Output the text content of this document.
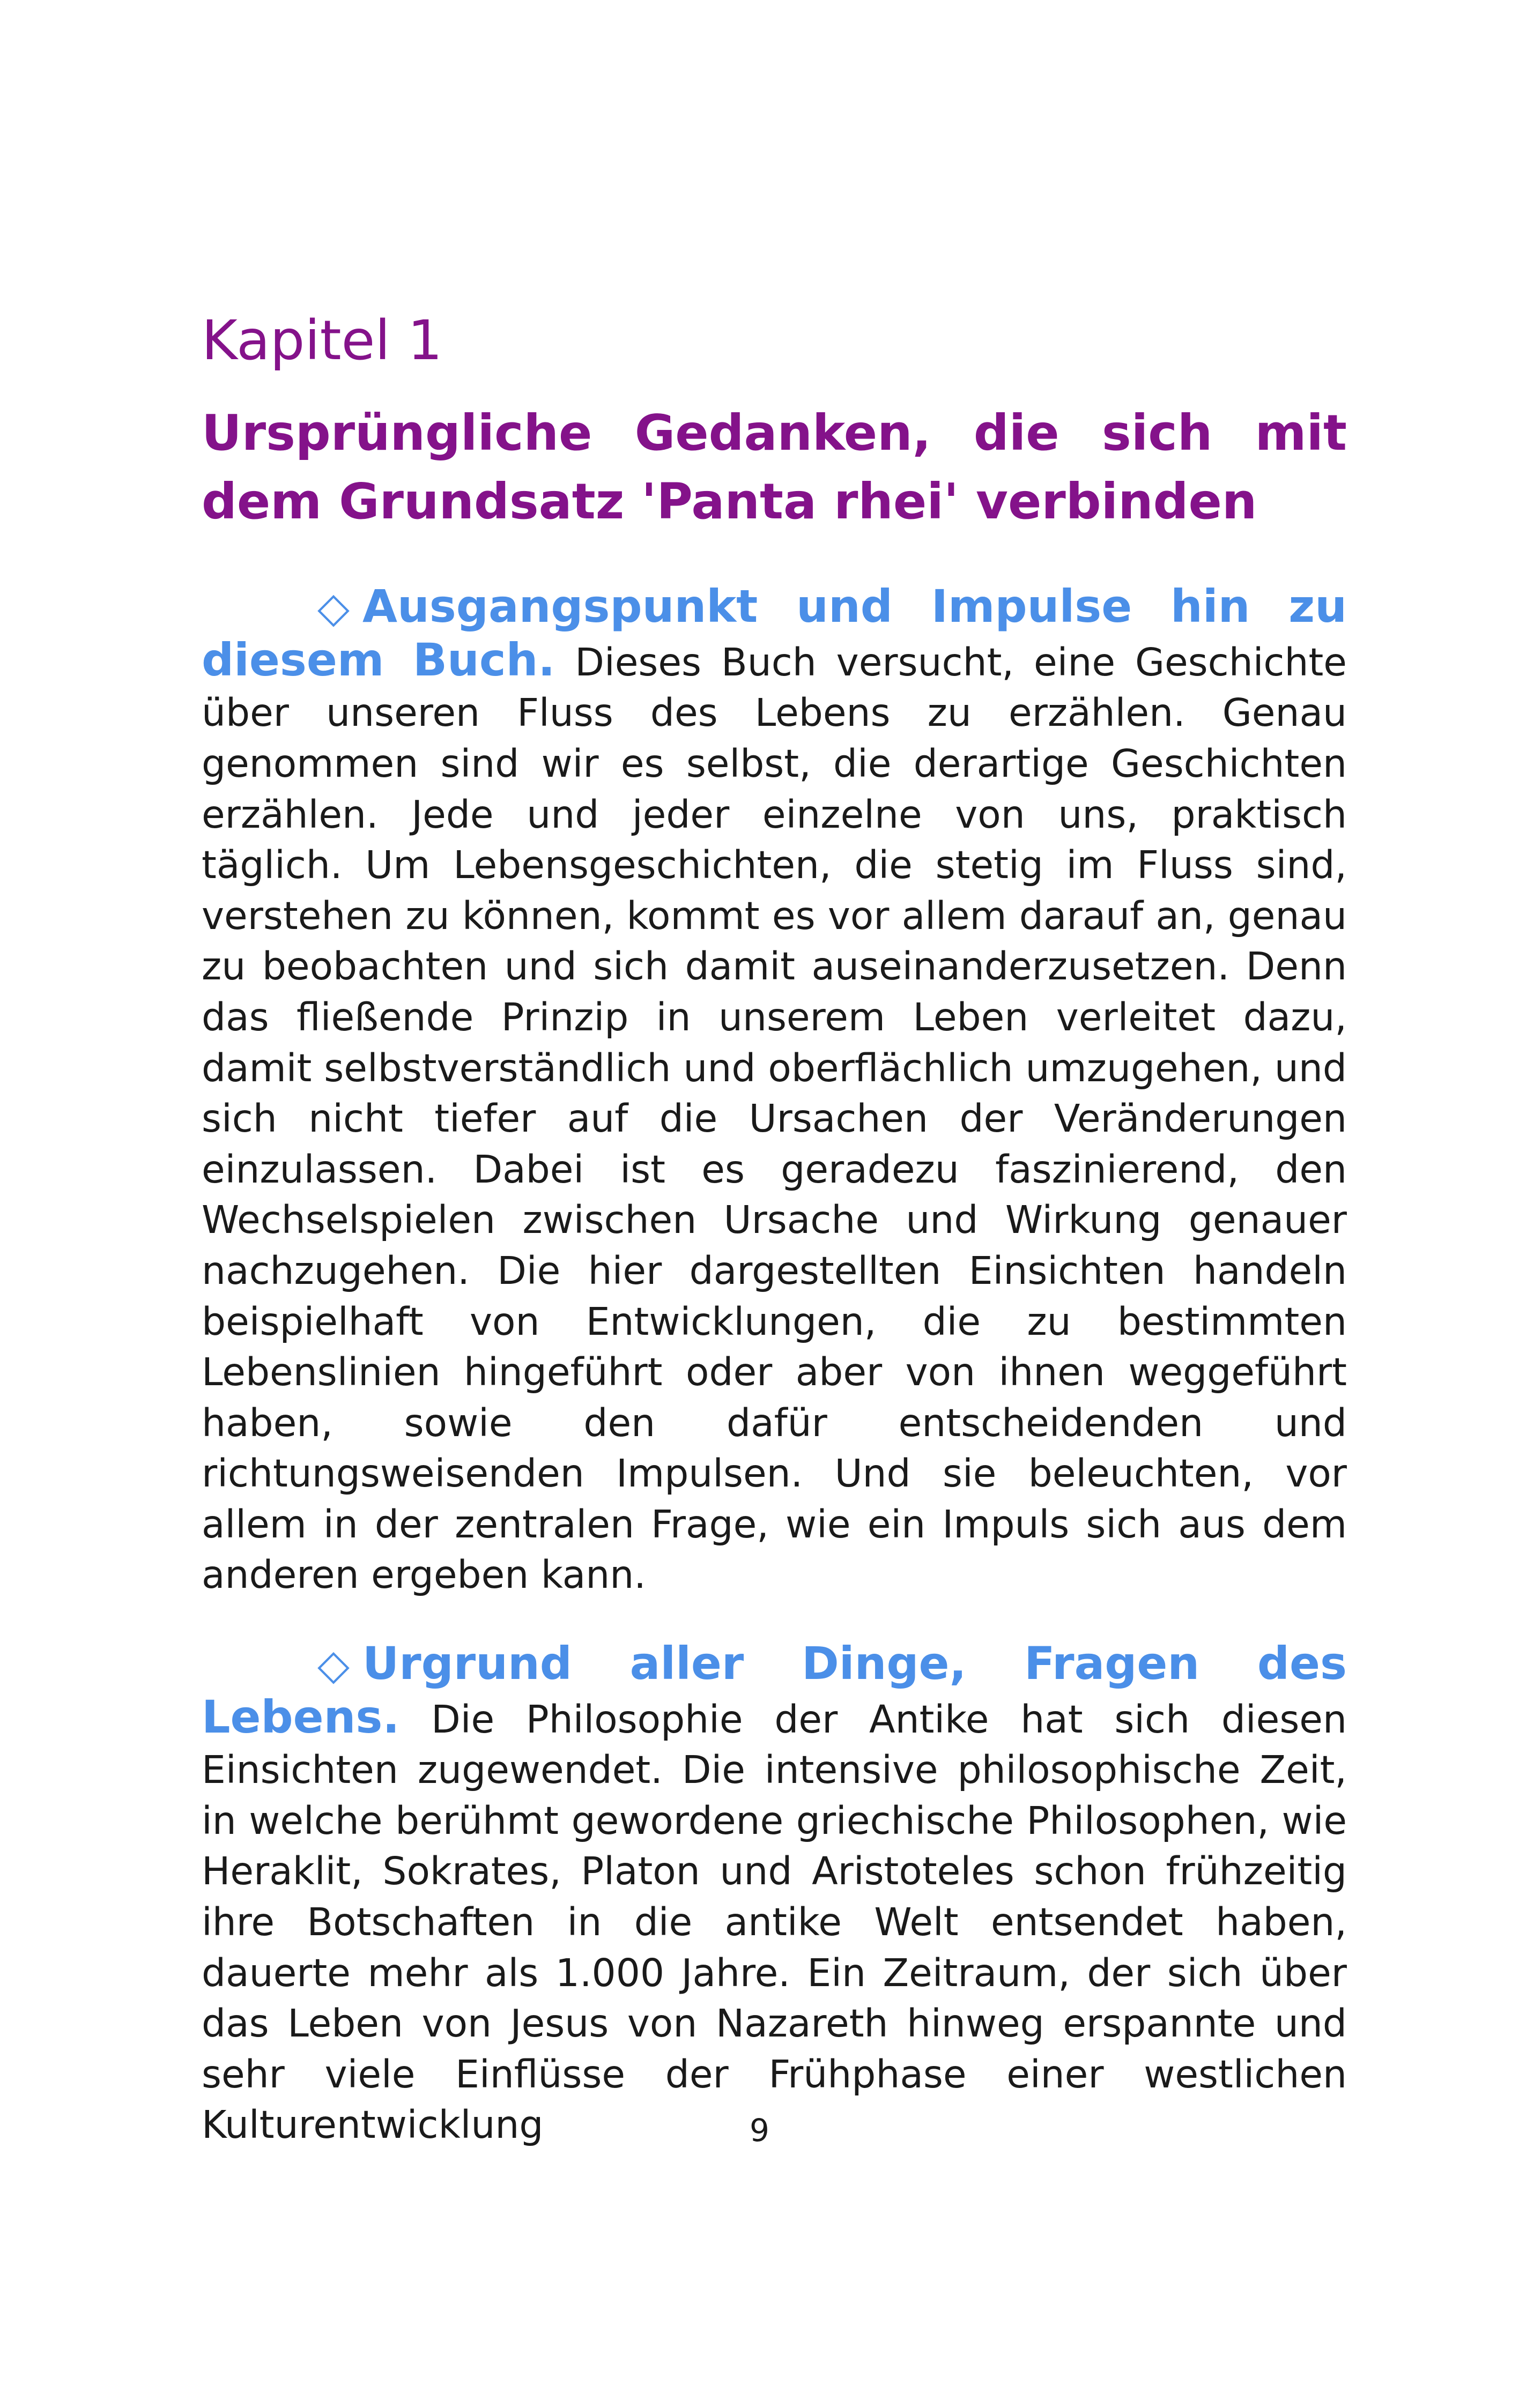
Kapitel 1
Ursprüngliche Gedanken, die sich mit dem Grundsatz 'Panta rhei' verbinden

◇ Ausgangspunkt und Impulse hin zu diesem Buch. Dieses Buch versucht, eine Geschichte über unseren Fluss des Lebens zu erzählen. Genau genommen sind wir es selbst, die derartige Geschichten erzählen. Jede und jeder einzelne von uns, praktisch täglich. Um Lebensgeschichten, die stetig im Fluss sind, verstehen zu können, kommt es vor allem darauf an, genau zu beobachten und sich damit auseinanderzusetzen. Denn das fließende Prinzip in unserem Leben verleitet dazu, damit selbstverständlich und oberflächlich umzugehen, und sich nicht tiefer auf die Ursachen der Veränderungen einzulassen. Dabei ist es geradezu faszinierend, den Wechselspielen zwischen Ursache und Wirkung genauer nachzugehen. Die hier dargestellten Einsichten handeln beispielhaft von Entwicklungen, die zu bestimmten Lebenslinien hingeführt oder aber von ihnen weggeführt haben, sowie den dafür entscheidenden und richtungsweisenden Impulsen. Und sie beleuchten, vor allem in der zentralen Frage, wie ein Impuls sich aus dem anderen ergeben kann.

◇ Urgrund aller Dinge, Fragen des Lebens. Die Philosophie der Antike hat sich diesen Einsichten zugewendet. Die intensive philosophische Zeit, in welche berühmt gewordene griechische Philosophen, wie Heraklit, Sokrates, Platon und Aristoteles schon frühzeitig ihre Botschaften in die antike Welt entsendet haben, dauerte mehr als 1.000 Jahre. Ein Zeitraum, der sich über das Leben von Jesus von Nazareth hinweg erspannte und sehr viele Einflüsse der Frühphase einer westlichen Kulturentwicklung	9
